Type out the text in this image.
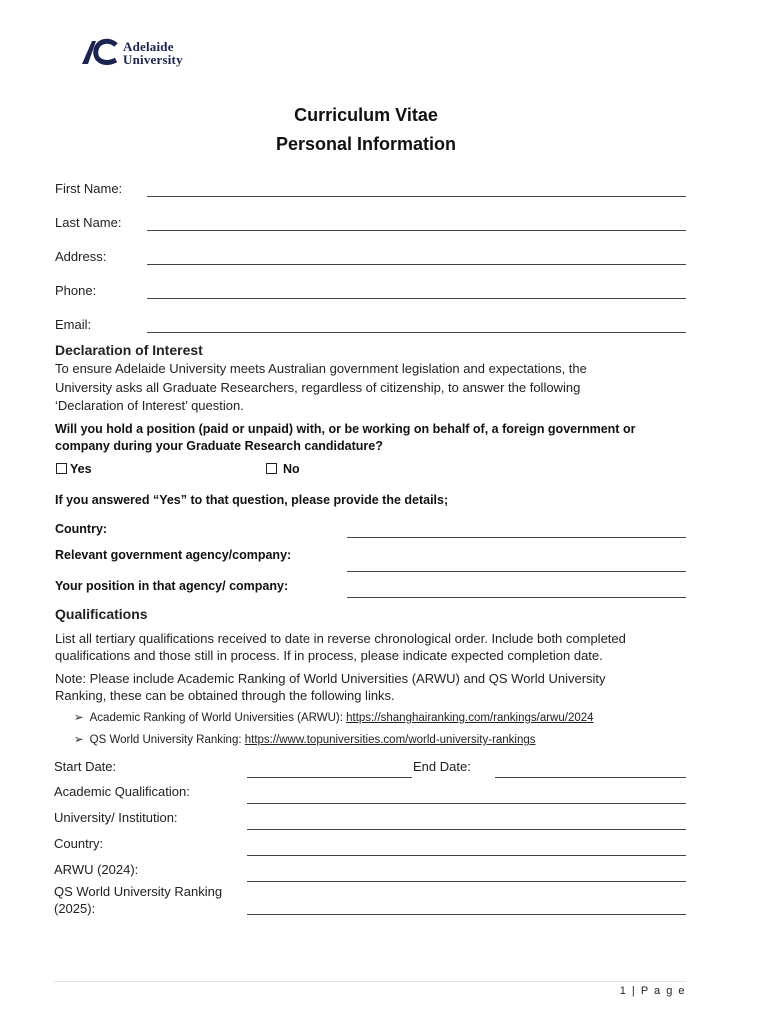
Adelaide
University
Curriculum Vitae
Personal Information
First Name:
Last Name:
Address:
Phone:
Email:
Declaration of Interest
To ensure Adelaide University meets Australian government legislation and expectations, the
University asks all Graduate Researchers, regardless of citizenship, to answer the following
‘Declaration of Interest’ question.
Will you hold a position (paid or unpaid) with, or be working on behalf of, a foreign government or
company during your Graduate Research candidature?
Yes	No
If you answered “Yes” to that question, please provide the details;
Country:
Relevant government agency/company:
Your position in that agency/ company:
Qualifications
List all tertiary qualifications received to date in reverse chronological order. Include both completed
qualifications and those still in process. If in process, please indicate expected completion date.
Note: Please include Academic Ranking of World Universities (ARWU) and QS World University
Ranking, these can be obtained through the following links.
➢ Academic Ranking of World Universities (ARWU): https://shanghairanking.com/rankings/arwu/2024
➢ QS World University Ranking: https://www.topuniversities.com/world-university-rankings
Start Date:	End Date:
Academic Qualification:
University/ Institution:
Country:
ARWU (2024):
QS World University Ranking
(2025):
1 | P a g e
